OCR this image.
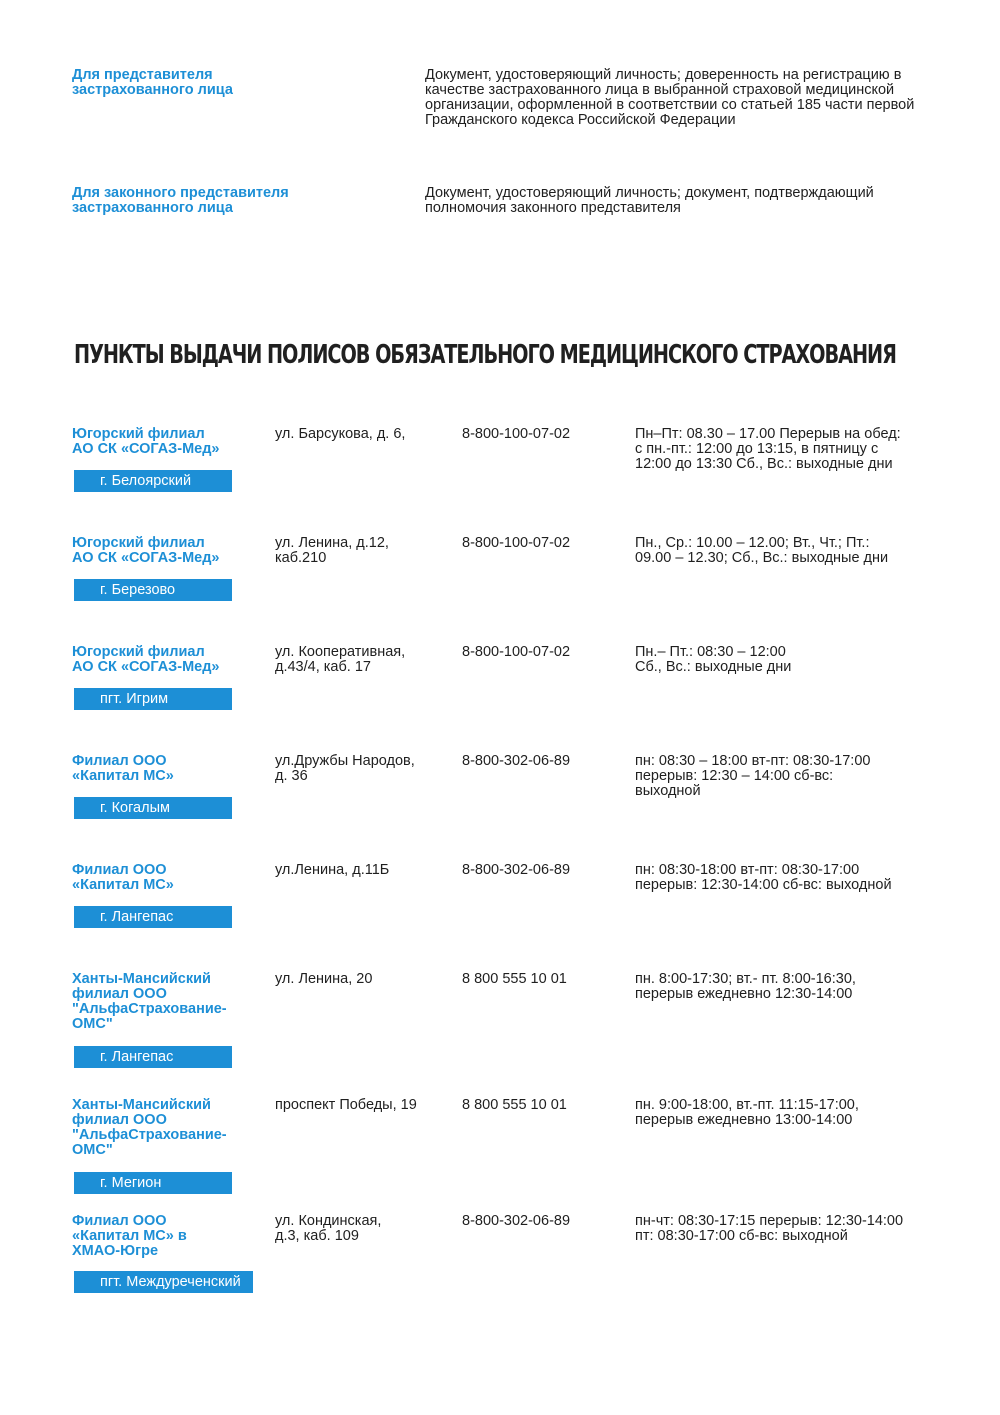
Для представителя
застрахованного лица
Документ, удостоверяющий личность; доверенность на регистрацию в качестве застрахованного лица в выбранной страховой медицинской организации, оформленной в соответствии со статьей 185 части первой Гражданского кодекса Российской Федерации
Для законного представителя
застрахованного лица
Документ, удостоверяющий личность; документ, подтверждающий полномочия законного представителя
ПУНКТЫ ВЫДАЧИ ПОЛИСОВ ОБЯЗАТЕЛЬНОГО МЕДИЦИНСКОГО СТРАХОВАНИЯ
Югорский филиал
АО СК «СОГАЗ-Мед»
ул. Барсукова, д. 6,	8-800-100-07-02	Пн–Пт: 08.30 – 17.00 Перерыв на обед:
с пн.-пт.: 12:00 до 13:15, в пятницу с
12:00 до 13:30 Сб., Вс.: выходные дни
г. Белоярский
Югорский филиал
АО СК «СОГАЗ-Мед»
ул. Ленина, д.12,
каб.210
8-800-100-07-02	Пн., Ср.: 10.00 – 12.00; Вт., Чт.; Пт.:
09.00 – 12.30; Сб., Вс.: выходные дни
г. Березово
Югорский филиал
АО СК «СОГАЗ-Мед»
ул. Кооперативная,
д.43/4, каб. 17
8-800-100-07-02	Пн.– Пт.: 08:30 – 12:00
Сб., Вс.: выходные дни
пгт. Игрим
Филиал ООО
«Капитал МС»
ул.Дружбы Народов,
д. 36
8-800-302-06-89	пн: 08:30 – 18:00 вт-пт: 08:30-17:00
перерыв: 12:30 – 14:00 сб-вс:
выходной
г. Когалым
Филиал ООО
«Капитал МС»
ул.Ленина, д.11Б	8-800-302-06-89	пн: 08:30-18:00 вт-пт: 08:30-17:00
перерыв: 12:30-14:00 сб-вс: выходной
г. Лангепас
Ханты-Мансийский
филиал ООО
"АльфаСтрахование-
ОМС"
ул. Ленина, 20	8 800 555 10 01	пн. 8:00-17:30; вт.- пт. 8:00-16:30,
перерыв ежедневно 12:30-14:00
г. Лангепас
Ханты-Мансийский
филиал ООО
"АльфаСтрахование-
ОМС"
проспект Победы, 19	8 800 555 10 01	пн. 9:00-18:00, вт.-пт. 11:15-17:00,
перерыв ежедневно 13:00-14:00
г. Мегион
Филиал ООО
«Капитал МС» в
ХМАО-Югре
ул. Кондинская,
д.3, каб. 109
8-800-302-06-89	пн-чт: 08:30-17:15 перерыв: 12:30-14:00
пт: 08:30-17:00 сб-вс: выходной
пгт. Междуреченский
